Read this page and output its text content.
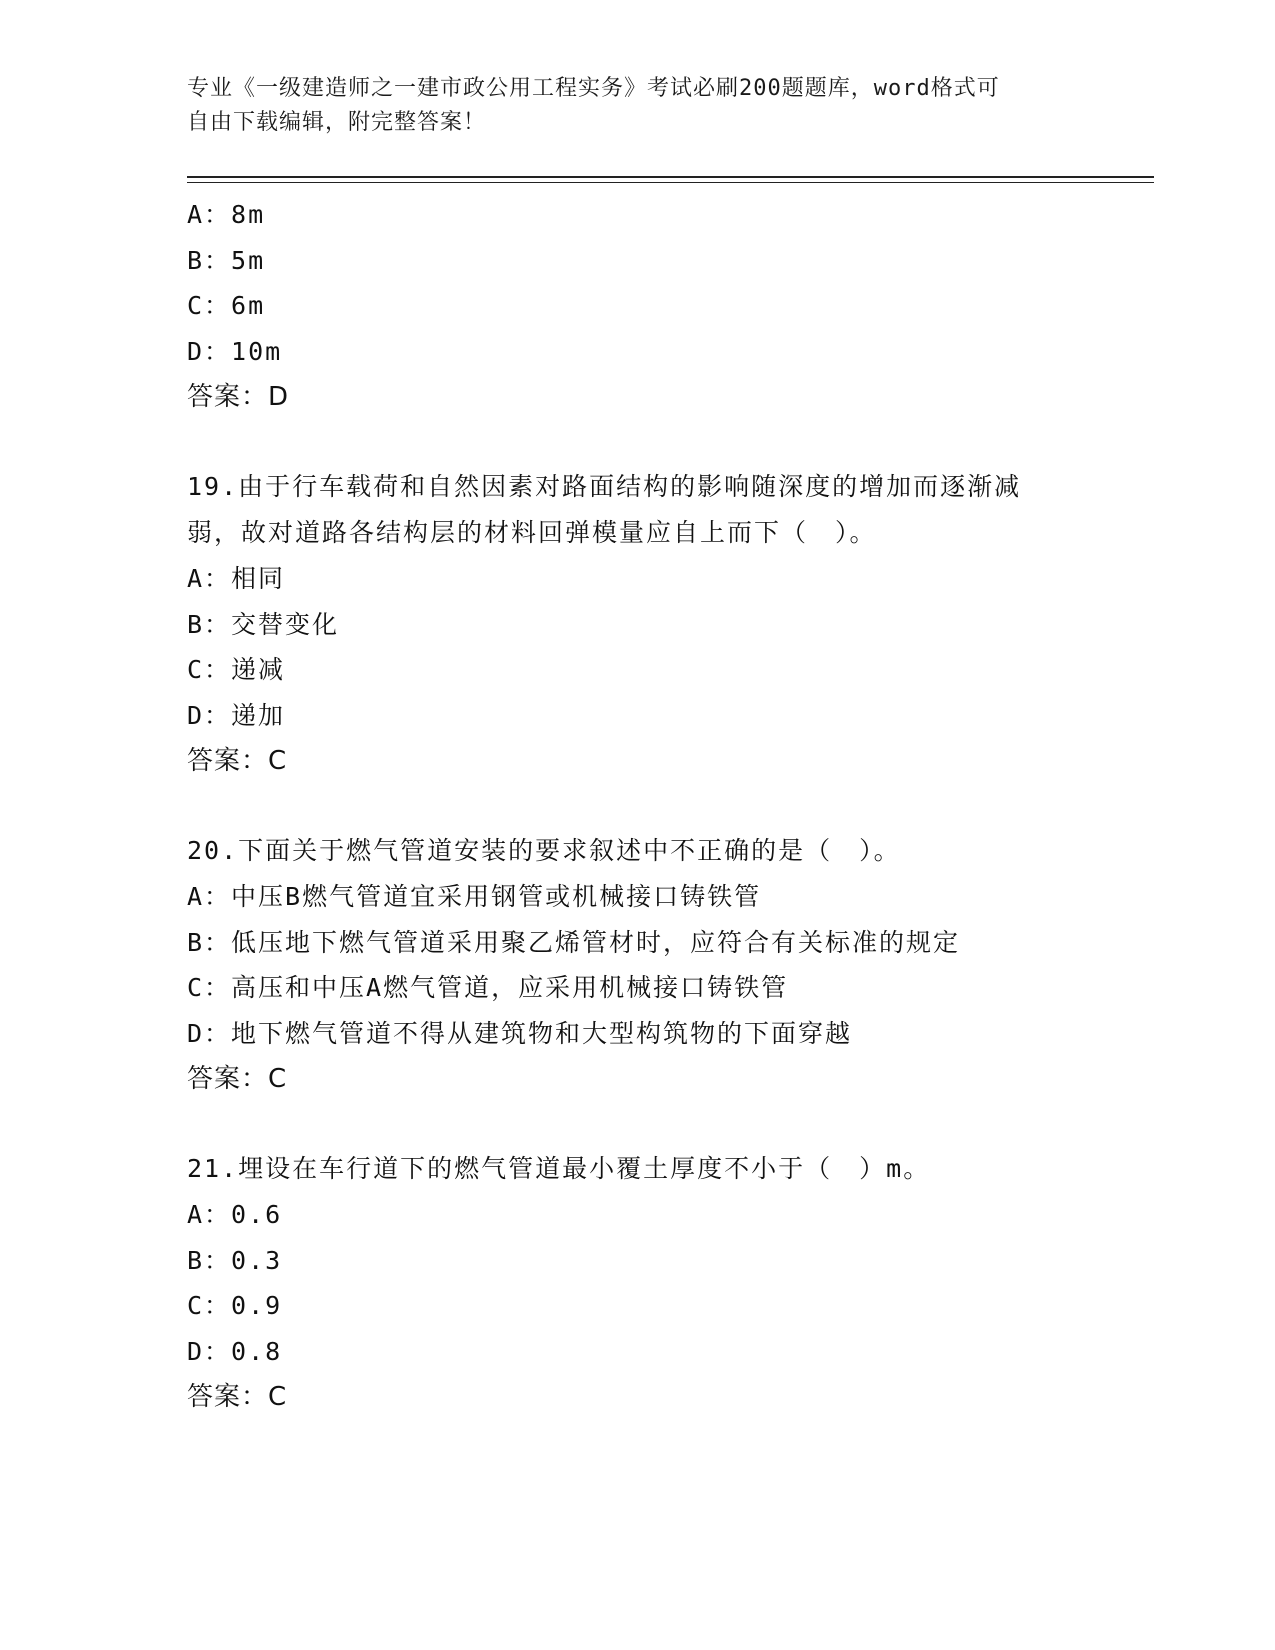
专业《一级建造师之一建市政公用工程实务》考试必刷200题题库，word格式可
自由下载编辑，附完整答案！
A：8m
B：5m
C：6m
D：10m
答案：D
19.由于行车载荷和自然因素对路面结构的影响随深度的增加而逐渐减
弱，故对道路各结构层的材料回弹模量应自上而下（　）。
A：相同
B：交替变化
C：递减
D：递加
答案：C
20.下面关于燃气管道安装的要求叙述中不正确的是（　）。
A：中压B燃气管道宜采用钢管或机械接口铸铁管
B：低压地下燃气管道采用聚乙烯管材时，应符合有关标准的规定
C：高压和中压A燃气管道，应采用机械接口铸铁管
D：地下燃气管道不得从建筑物和大型构筑物的下面穿越
答案：C
21.埋设在车行道下的燃气管道最小覆土厚度不小于（　）m。
A：0.6
B：0.3
C：0.9
D：0.8
答案：C
